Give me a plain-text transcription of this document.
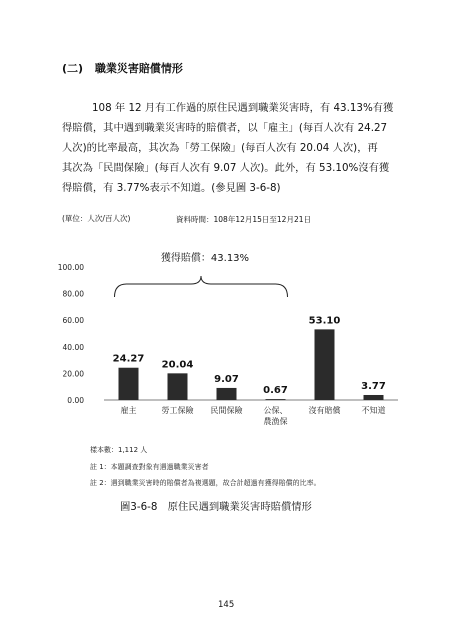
(二) 職業災害賠償情形
108 年 12 月有工作過的原住民遇到職業災害時，有 43.13%有獲
得賠償，其中遇到職業災害時的賠償者，以「雇主」(每百人次有 24.27
人次)的比率最高，其次為「勞工保險」(每百人次有 20.04 人次)，再
其次為「民間保險」(每百人次有 9.07 人次)。此外，有 53.10%沒有獲
得賠償，有 3.77%表示不知道。(參見圖 3-6-8)
(單位：人次/百人次)	資料時間：108年12月15日至12月21日
0.00
20.00
40.00
60.00
80.00
100.00
24.27
雇主
20.04
勞工保險
9.07
民間保險
0.67
公保、
農漁保
53.10
沒有賠償
3.77
不知道
獲得賠償：43.13%
樣本數：1,112 人
註 1：本題調查對象有遇過職業災害者
註 2：遇到職業災害時的賠償者為複選題，故合計超過有獲得賠償的比率。
圖3-6-8　原住民遇到職業災害時賠償情形
145
